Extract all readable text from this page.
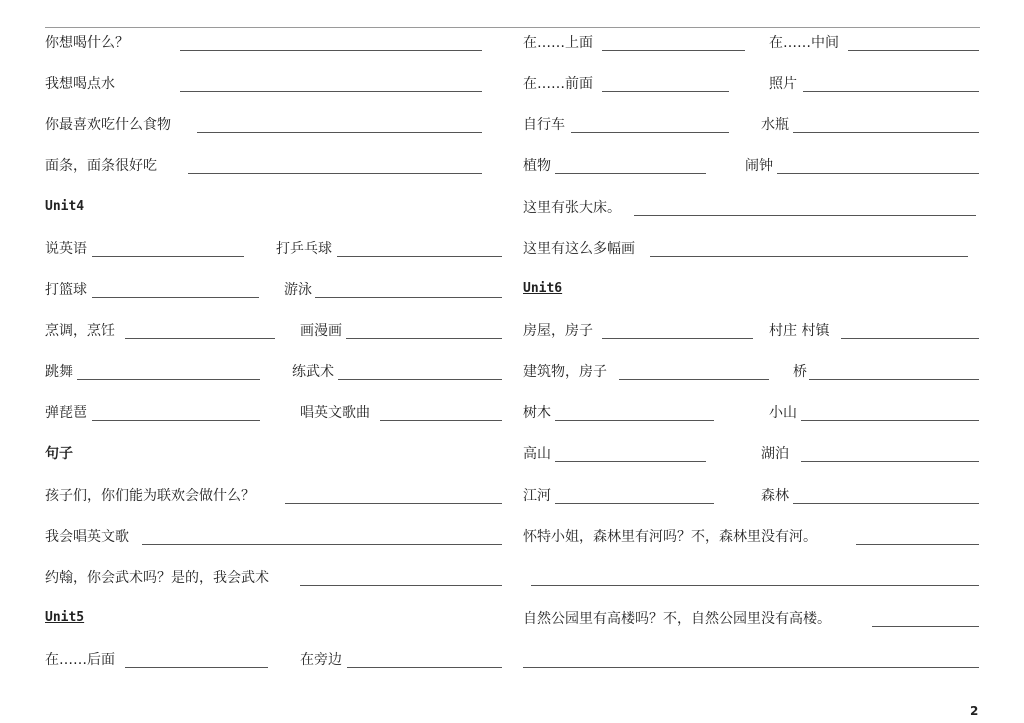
你想喝什么？
我想喝点水
你最喜欢吃什么食物
面条，面条很好吃
Unit4
说英语	打乒乓球
打篮球	游泳
烹调，烹饪	画漫画
跳舞	练武术
弹琵琶	唱英文歌曲
句子
孩子们，你们能为联欢会做什么？
我会唱英文歌
约翰，你会武术吗？是的，我会武术
Unit5
在……后面	在旁边
在……上面	在……中间
在……前面	照片
自行车	水瓶
植物	闹钟
这里有张大床。
这里有这么多幅画
Unit6
房屋，房子	村庄 村镇
建筑物，房子	桥
树木	小山
高山	湖泊
江河	森林
怀特小姐，森林里有河吗？不，森林里没有河。
自然公园里有高楼吗？不，自然公园里没有高楼。
2
